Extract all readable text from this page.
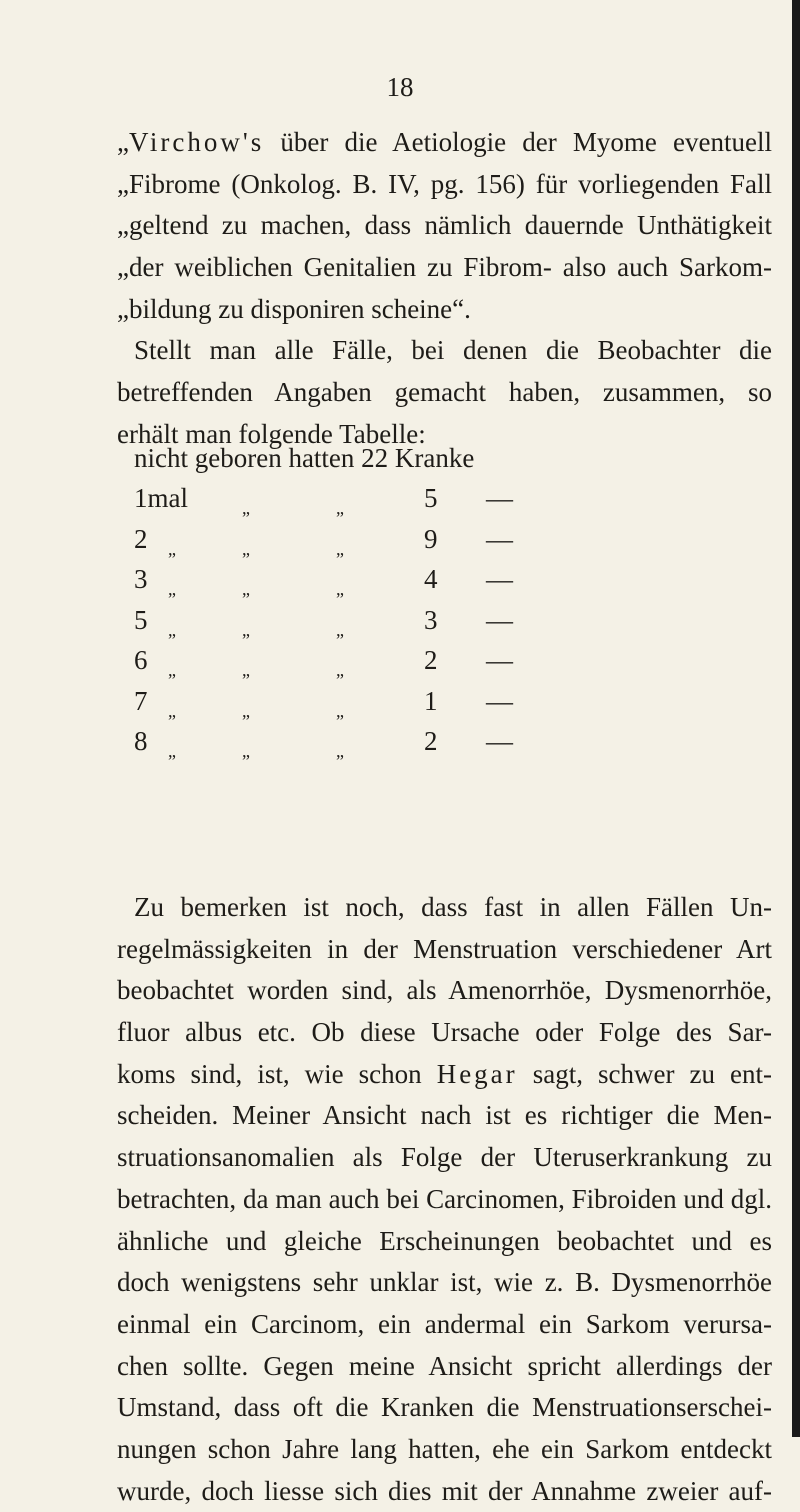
18
„Virchow's über die Aetiologie der Myome eventuell
„Fibrome (Onkolog. B. IV, pg. 156) für vorliegenden Fall
„geltend zu machen, dass nämlich dauernde Unthätigkeit
„der weiblichen Genitalien zu Fibrom- also auch Sarkom-
„bildung zu disponiren scheine“.
Stellt man alle Fälle, bei denen die Beobachter die
betreffenden Angaben gemacht haben, zusammen, so
erhält man folgende Tabelle:
nicht geboren hatten 22 Kranke
1mal	„	„	5 —
2 „	„	„	9 —
3 „	„	„	4 —
5 „	„	„	3 —
6 „	„	„	2 —
7 „	„	„	1 —
8 „	„	„	2 —
Zu bemerken ist noch, dass fast in allen Fällen Un-
regelmässigkeiten in der Menstruation verschiedener Art
beobachtet worden sind, als Amenorrhöe, Dysmenorrhöe,
fluor albus etc. Ob diese Ursache oder Folge des Sar-
koms sind, ist, wie schon Hegar sagt, schwer zu ent-
scheiden. Meiner Ansicht nach ist es richtiger die Men-
struationsanomalien als Folge der Uteruserkrankung zu
betrachten, da man auch bei Carcinomen, Fibroiden und dgl.
ähnliche und gleiche Erscheinungen beobachtet und es
doch wenigstens sehr unklar ist, wie z. B. Dysmenorrhöe
einmal ein Carcinom, ein andermal ein Sarkom verursa-
chen sollte. Gegen meine Ansicht spricht allerdings der
Umstand, dass oft die Kranken die Menstruationserschei-
nungen schon Jahre lang hatten, ehe ein Sarkom entdeckt
wurde, doch liesse sich dies mit der Annahme zweier auf-
